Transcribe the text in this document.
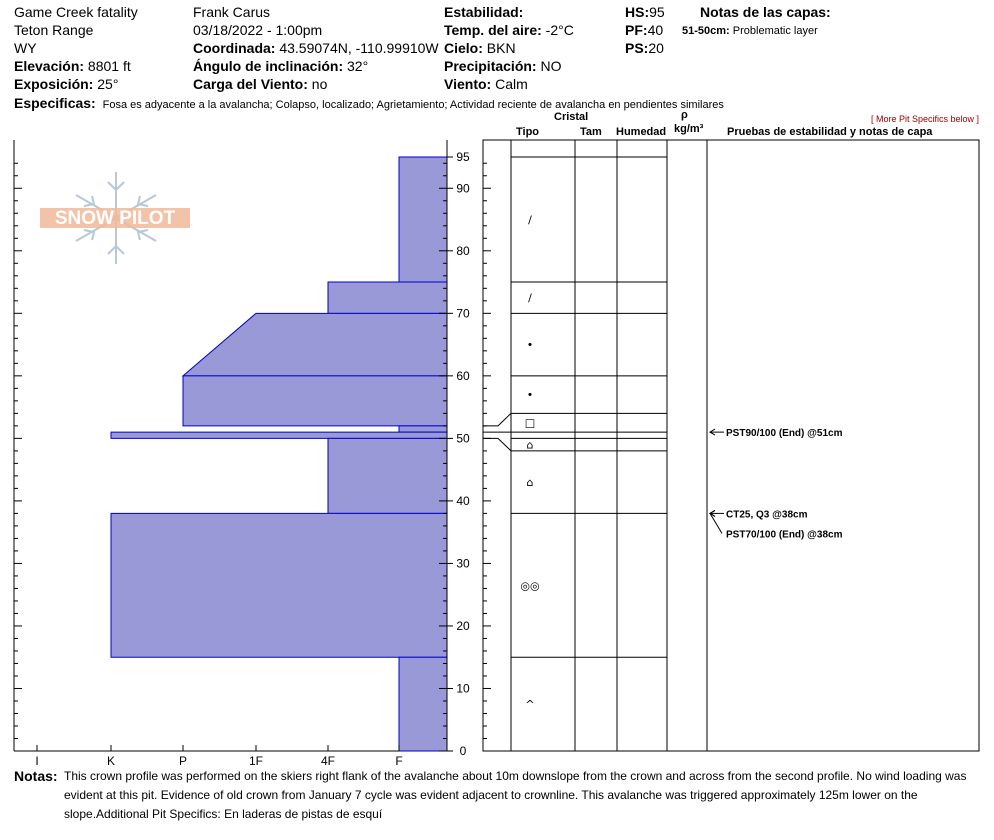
Game Creek fatality
Teton Range
WY
Elevación: 8801 ft
Exposición: 25°
Frank Carus
03/18/2022 - 1:00pm
Coordinada: 43.59074N, -110.99910W
Ángulo de inclinación: 32°
Carga del Viento: no
Estabilidad:
Temp. del aire: -2°C
Cielo: BKN
Precipitación: NO
Viento: Calm
HS:95
PF:40
PS:20
Notas de las capas:
51-50cm: Problematic layer
Especificas: Fosa es adyacente a la avalancha; Colapso, localizado; Agrietamiento; Actividad reciente de avalancha en pendientes similares
[ More Pit Specifics below ]
Cristal
Tipo	Tam Humedad
ρ
kg/m³ Pruebas de estabilidad y notas de capa
SNOW PILOT
0
10
20
30
40
50
60
70
80
90
95
I	K	P	1F	4F	F
/
/
•
•
□
⌂
⌂
◎◎
^
PST90/100 (End) @51cm
CT25, Q3 @38cm
PST70/100 (End) @38cm
Notas: This crown profile was performed on the skiers right flank of the avalanche about 10m downslope from the crown and across from the second profile. No wind loading was evident at this pit. Evidence of old crown from January 7 cycle was evident adjacent to crownline. This avalanche was triggered approximately 125m lower on the slope.Additional Pit Specifics: En laderas de pistas de esquí
